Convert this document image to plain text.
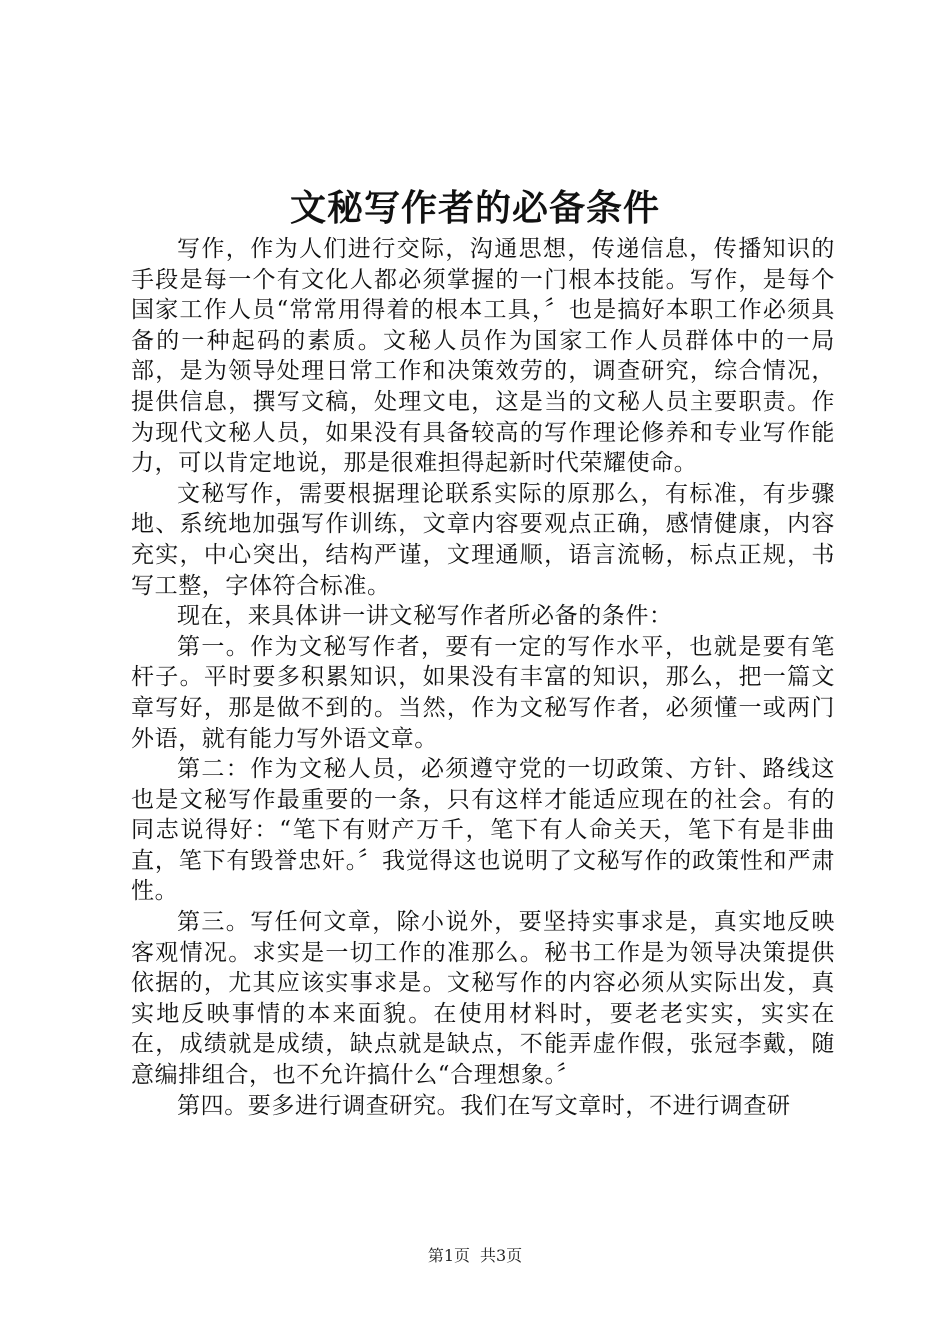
文秘写作者的必备条件

写作，作为人们进行交际，沟通思想，传递信息，传播知识的手段是每一个有文化人都必须掌握的一门根本技能。写作，是每个国家工作人员“常常用得着的根本工具，〞也是搞好本职工作必须具备的一种起码的素质。文秘人员作为国家工作人员群体中的一局部，是为领导处理日常工作和决策效劳的，调查研究，综合情况，提供信息，撰写文稿，处理文电，这是当的文秘人员主要职责。作为现代文秘人员，如果没有具备较高的写作理论修养和专业写作能力，可以肯定地说，那是很难担得起新时代荣耀使命。

文秘写作，需要根据理论联系实际的原那么，有标准，有步骤地、系统地加强写作训练，文章内容要观点正确，感情健康，内容充实，中心突出，结构严谨，文理通顺，语言流畅，标点正规，书写工整，字体符合标准。

现在，来具体讲一讲文秘写作者所必备的条件：

第一。作为文秘写作者，要有一定的写作水平，也就是要有笔杆子。平时要多积累知识，如果没有丰富的知识，那么，把一篇文章写好，那是做不到的。当然，作为文秘写作者，必须懂一或两门外语，就有能力写外语文章。

第二：作为文秘人员，必须遵守党的一切政策、方针、路线这也是文秘写作最重要的一条，只有这样才能适应现在的社会。有的同志说得好：“笔下有财产万千，笔下有人命关天，笔下有是非曲直，笔下有毁誉忠奸。〞我觉得这也说明了文秘写作的政策性和严肃性。

第三。写任何文章，除小说外，要坚持实事求是，真实地反映客观情况。求实是一切工作的准那么。秘书工作是为领导决策提供依据的，尤其应该实事求是。文秘写作的内容必须从实际出发，真实地反映事情的本来面貌。在使用材料时，要老老实实，实实在在，成绩就是成绩，缺点就是缺点，不能弄虚作假，张冠李戴，随意编排组合，也不允许搞什么“合理想象。〞

第四。要多进行调查研究。我们在写文章时，不进行调查研

第1页 共3页
